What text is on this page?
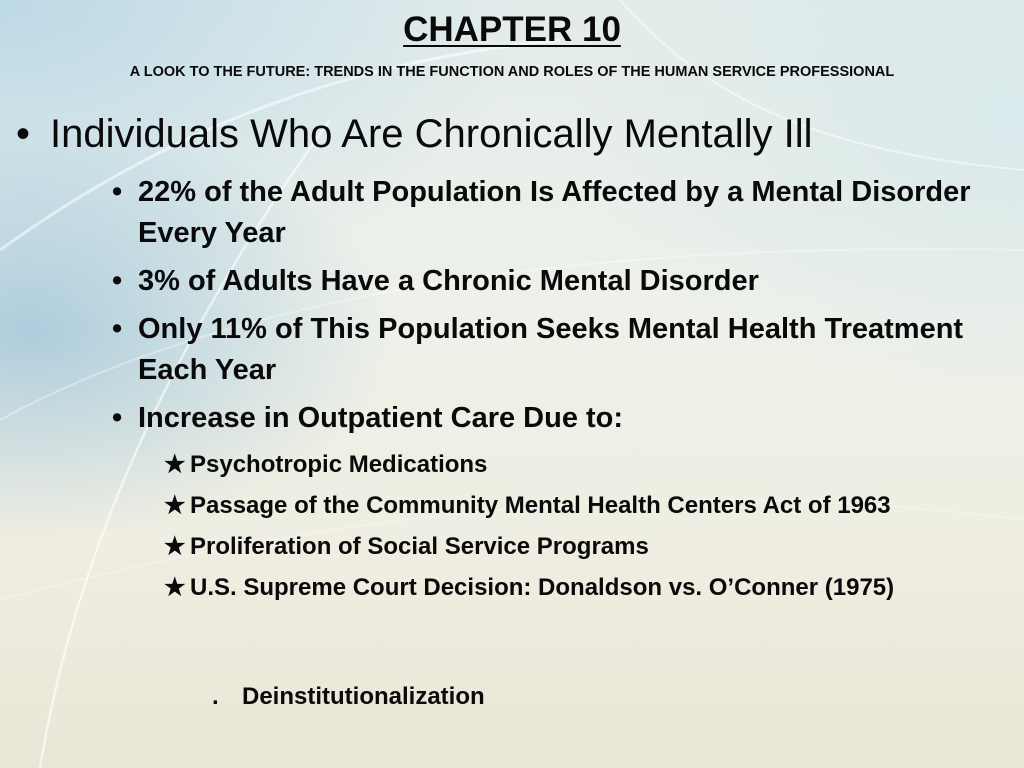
CHAPTER 10
A LOOK TO THE FUTURE: TRENDS IN THE FUNCTION AND ROLES OF THE HUMAN SERVICE PROFESSIONAL
• Individuals Who Are Chronically Mentally Ill
• 22% of the Adult Population Is Affected by a Mental Disorder Every Year
• 3% of Adults Have a Chronic Mental Disorder
• Only 11% of This Population Seeks Mental Health Treatment Each Year
• Increase in Outpatient Care Due to:
★ Psychotropic Medications
★ Passage of the Community Mental Health Centers Act of 1963
★ Proliferation of Social Service Programs
★ U.S. Supreme Court Decision: Donaldson vs. O’Conner (1975)
. Deinstitutionalization
